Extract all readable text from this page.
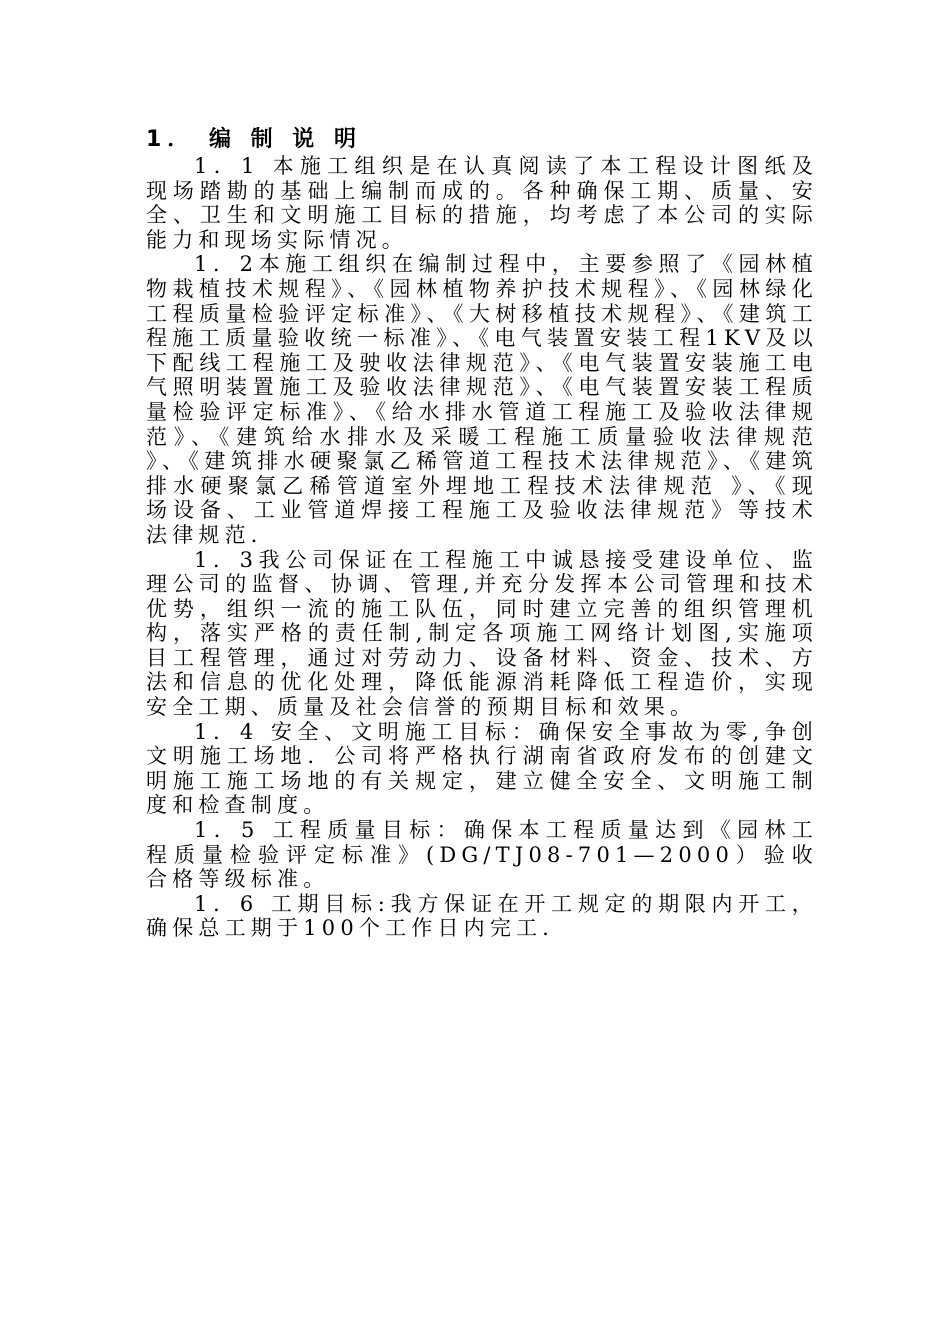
1． 编 制 说 明

1．1 本施工组织是在认真阅读了本工程设计图纸及现场踏勘的基础上编制而成的。各种确保工期、质量、安全、卫生和文明施工目标的措施，均考虑了本公司的实际能力和现场实际情况。

1．2本施工组织在编制过程中，主要参照了《园林植物栽植技术规程》、《园林植物养护技术规程》、《园林绿化工程质量检验评定标准》、《大树移植技术规程》、《建筑工程施工质量验收统一标准》、《电气装置安装工程1KV及以下配线工程施工及驶收法律规范》、《电气装置安装施工电气照明装置施工及验收法律规范》、《电气装置安装工程质量检验评定标准》、《给水排水管道工程施工及验收法律规范》、《建筑给水排水及采暖工程施工质量验收法律规范 》、《建筑排水硬聚氯乙稀管道工程技术法律规范》、《建筑排水硬聚氯乙稀管道室外埋地工程技术法律规范 》、《现场设备、工业管道焊接工程施工及验收法律规范》等技术法律规范．

1．3我公司保证在工程施工中诚恳接受建设单位、监理公司的监督、协调、管理,并充分发挥本公司管理和技术优势，组织一流的施工队伍，同时建立完善的组织管理机构，落实严格的责任制,制定各项施工网络计划图,实施项目工程管理，通过对劳动力、设备材料、资金、技术、方法和信息的优化处理，降低能源消耗降低工程造价，实现安全工期、质量及社会信誉的预期目标和效果。

1．4 安全、文明施工目标：确保安全事故为零,争创文明施工场地．公司将严格执行湖南省政府发布的创建文明施工施工场地的有关规定，建立健全安全、文明施工制度和检查制度。

1．5 工程质量目标：确保本工程质量达到《园林工程质量检验评定标准》(DG/TJ08-701—2000）验收合格等级标准。

1．6 工期目标:我方保证在开工规定的期限内开工，确保总工期于100个工作日内完工．
